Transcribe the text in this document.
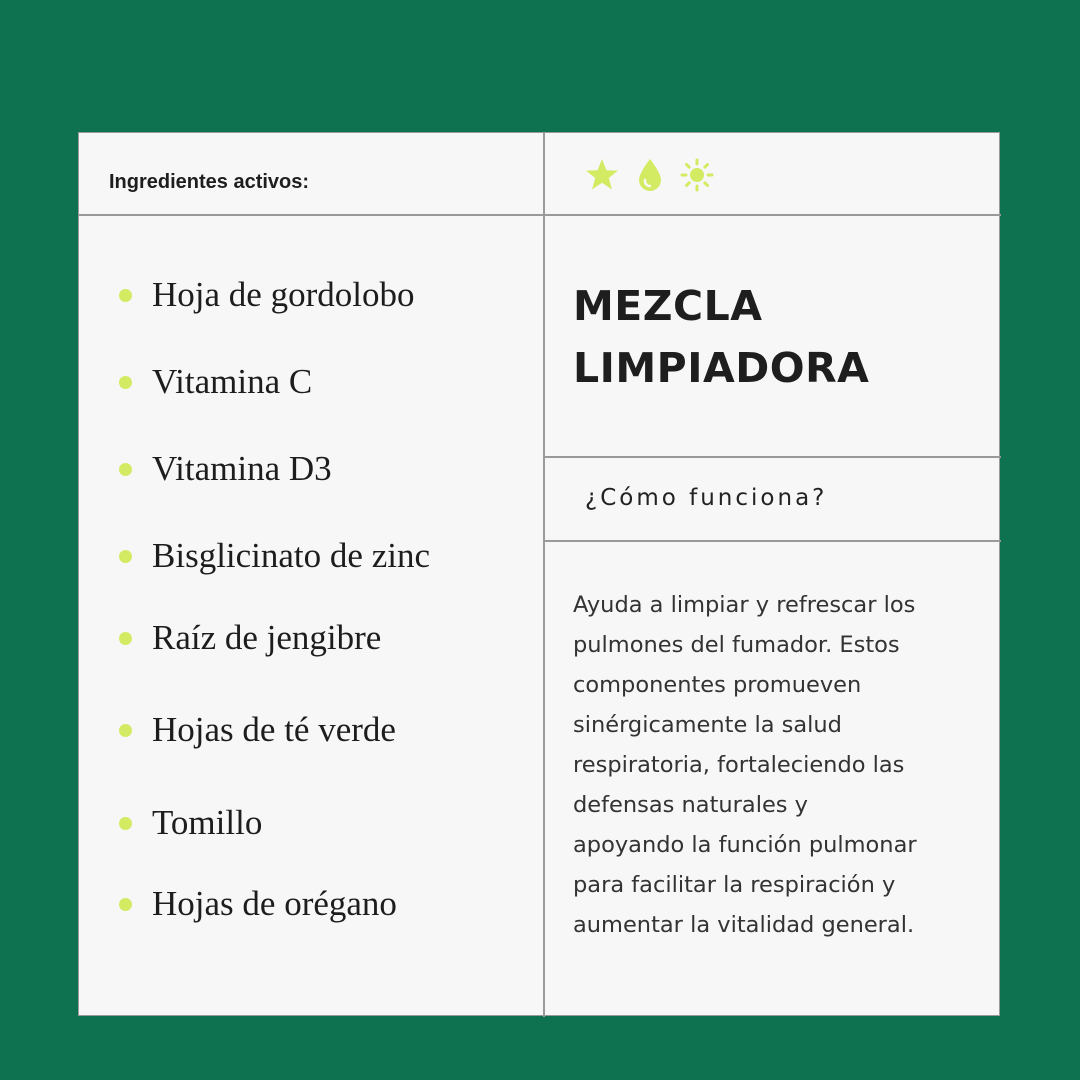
Ingredientes activos:
Hoja de gordolobo
Vitamina C
Vitamina D3
Bisglicinato de zinc
Raíz de jengibre
Hojas de té verde
Tomillo
Hojas de orégano
MEZCLA
LIMPIADORA
¿Cómo funciona?

Ayuda a limpiar y refrescar los
pulmones del fumador. Estos
componentes promueven
sinérgicamente la salud
respiratoria, fortaleciendo las
defensas naturales y
apoyando la función pulmonar
para facilitar la respiración y
aumentar la vitalidad general.
